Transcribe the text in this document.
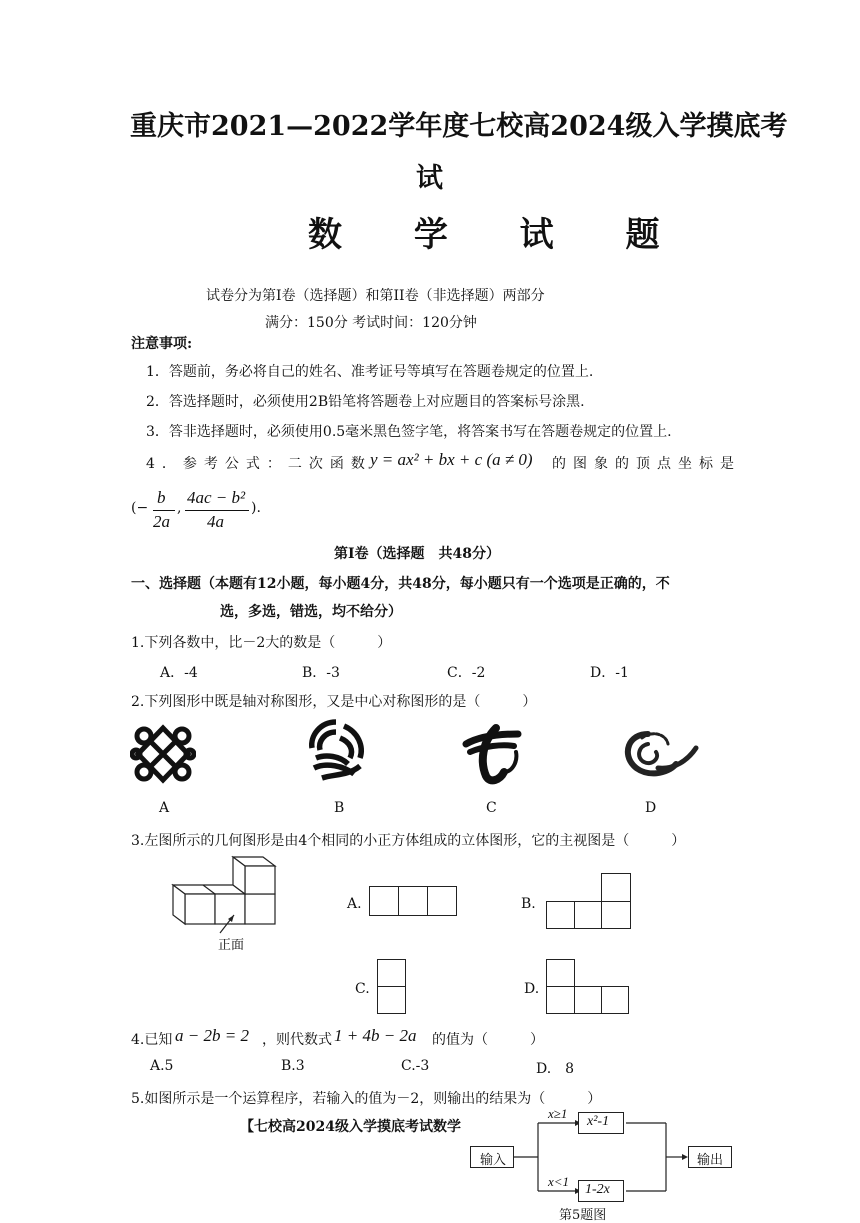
重庆市2021—2022学年度七校高2024级入学摸底考
试
数 学 试 题
试卷分为第Ⅰ卷（选择题）和第II卷（非选择题）两部分
满分：150分 考试时间：120分钟
注意事项:
1．答题前，务必将自己的姓名、准考证号等填写在答题卷规定的位置上.
2．答选择题时，必须使用2B铅笔将答题卷上对应题目的答案标号涂黑.
3．答非选择题时，必须使用0.5毫米黑色签字笔，将答案书写在答题卷规定的位置上.
4．参考公式：二次函数
y = ax² + bx + c (a ≠ 0) 的图象的顶点坐标是
(−
b
2a
,
4ac − b²
4a
).
第Ⅰ卷（选择题　共48分）
一、选择题（本题有12小题，每小题4分，共48分，每小题只有一个选项是正确的，不
选，多选，错选，均不给分）
1.下列各数中，比－2大的数是（　　　）
A．-4	B．-3	C．-2	D．-1
2.下列图形中既是轴对称图形，又是中心对称图形的是（　　　）
A	B	C	D
3.左图所示的几何图形是由4个相同的小正方体组成的立体图形，它的主视图是（　　　）
正面
A.	B.
C.	D.
4.已知 a − 2b = 2 ，则代数式 1 + 4b − 2a 的值为（　　　）
A.5	B.3	C.-3	D.　8
5.如图所示是一个运算程序，若输入的值为－2，则输出的结果为（　　　）
【七校高2024级入学摸底考试数学
输入
x≥1
x²-1
x<1
1-2x
输出
第5题图
